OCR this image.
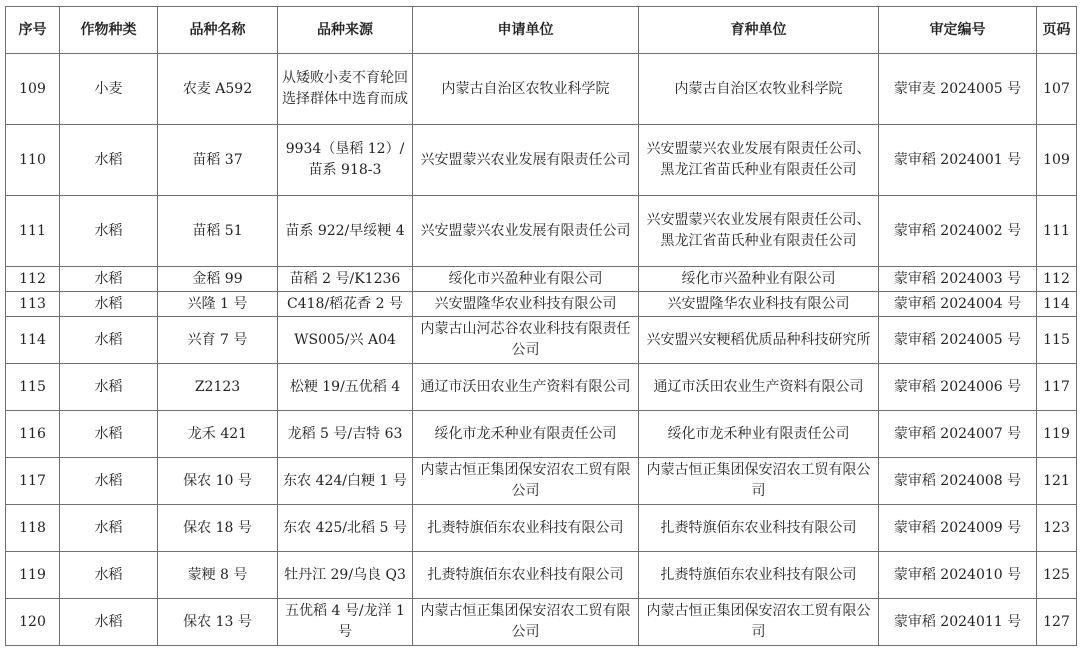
序号	作物种类	品种名称	品种来源	申请单位	育种单位	审定编号	页码
109	小麦	农麦 A592	从矮败小麦不育轮回选择群体中选育而成	内蒙古自治区农牧业科学院	内蒙古自治区农牧业科学院	蒙审麦 2024005 号	107
110	水稻	苗稻 37	9934（垦稻 12）/苗系 918-3	兴安盟蒙兴农业发展有限责任公司	兴安盟蒙兴农业发展有限责任公司、黑龙江省苗氏种业有限责任公司	蒙审稻 2024001 号	109
111	水稻	苗稻 51	苗系 922/早绥粳 4	兴安盟蒙兴农业发展有限责任公司	兴安盟蒙兴农业发展有限责任公司、黑龙江省苗氏种业有限责任公司	蒙审稻 2024002 号	111
112	水稻	金稻 99	苗稻 2 号/K1236	绥化市兴盈种业有限公司	绥化市兴盈种业有限公司	蒙审稻 2024003 号	112
113	水稻	兴隆 1 号	C418/稻花香 2 号	兴安盟隆华农业科技有限公司	兴安盟隆华农业科技有限公司	蒙审稻 2024004 号	114
114	水稻	兴育 7 号	WS005/兴 A04	内蒙古山河芯谷农业科技有限责任公司	兴安盟兴安粳稻优质品种科技研究所	蒙审稻 2024005 号	115
115	水稻	Z2123	松粳 19/五优稻 4	通辽市沃田农业生产资料有限公司	通辽市沃田农业生产资料有限公司	蒙审稻 2024006 号	117
116	水稻	龙禾 421	龙稻 5 号/吉特 63	绥化市龙禾种业有限责任公司	绥化市龙禾种业有限责任公司	蒙审稻 2024007 号	119
117	水稻	保农 10 号	东农 424/白粳 1 号	内蒙古恒正集团保安沼农工贸有限公司	内蒙古恒正集团保安沼农工贸有限公司	蒙审稻 2024008 号	121
118	水稻	保农 18 号	东农 425/北稻 5 号	扎赉特旗佰东农业科技有限公司	扎赉特旗佰东农业科技有限公司	蒙审稻 2024009 号	123
119	水稻	蒙粳 8 号	牡丹江 29/乌良 Q3	扎赉特旗佰东农业科技有限公司	扎赉特旗佰东农业科技有限公司	蒙审稻 2024010 号	125
120	水稻	保农 13 号	五优稻 4 号/龙洋 1 号	内蒙古恒正集团保安沼农工贸有限公司	内蒙古恒正集团保安沼农工贸有限公司	蒙审稻 2024011 号	127
